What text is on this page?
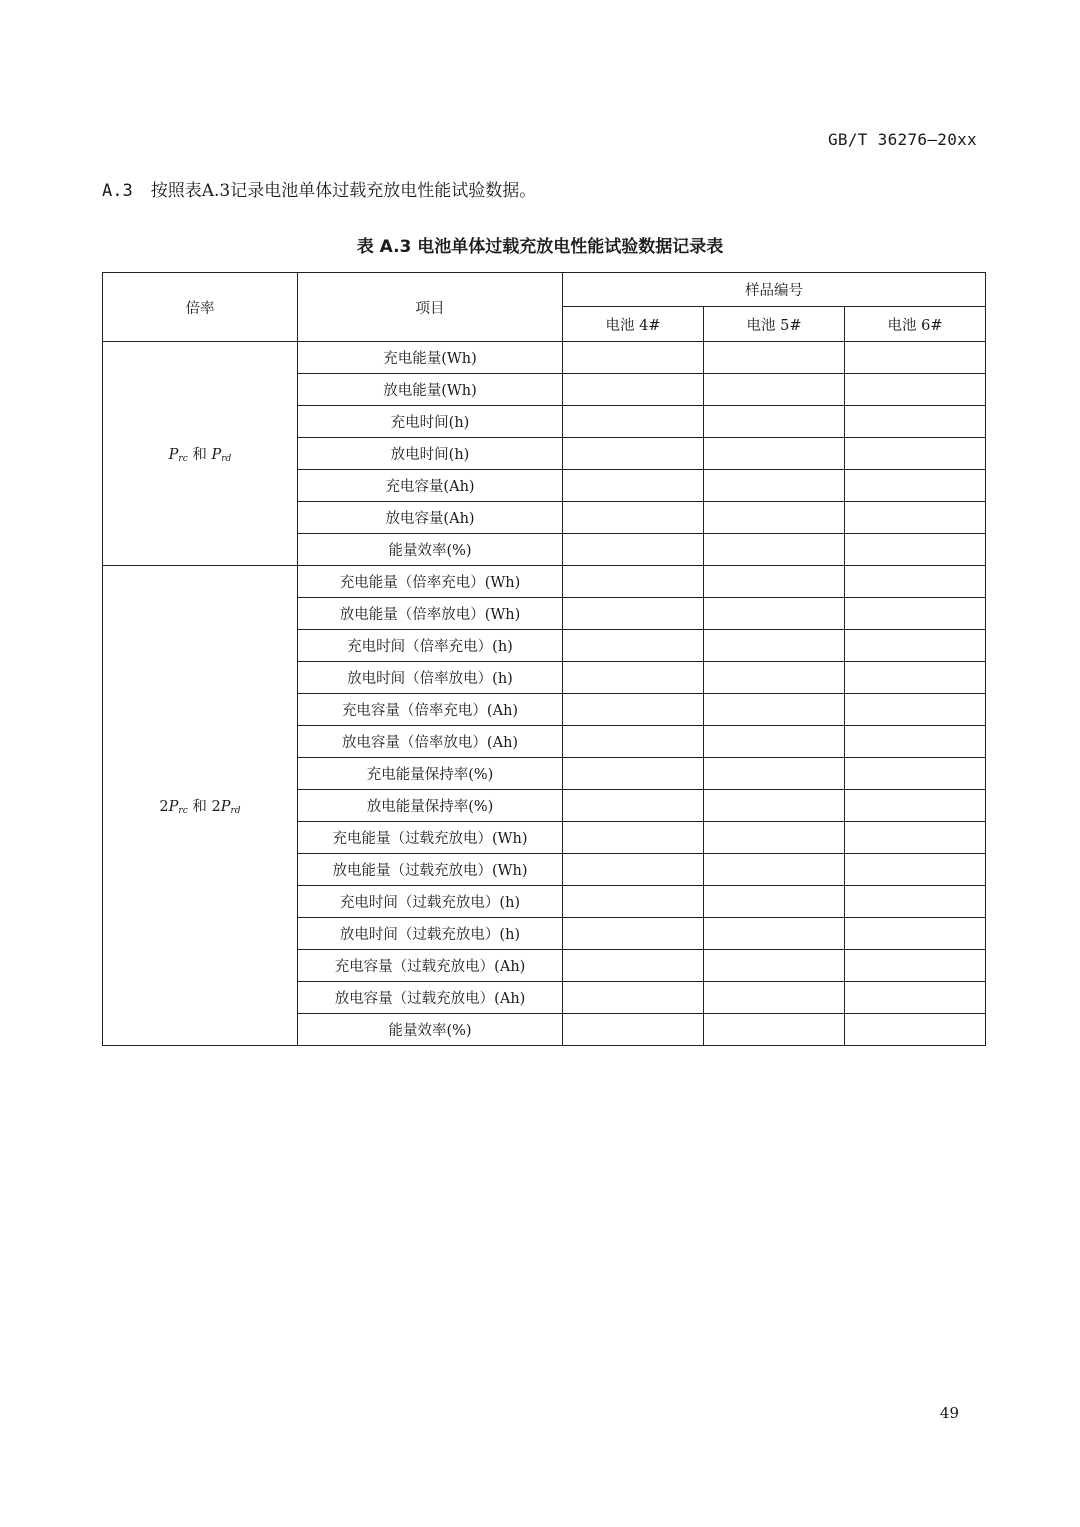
GB/T 36276—20xx
A.3 按照表A.3记录电池单体过载充放电性能试验数据。
表 A.3 电池单体过载充放电性能试验数据记录表
倍率	项目	样品编号		
		电池 4#	电池 5#	电池 6#
$P_{rc}$ 和 $P_{rd}$	充电能量(Wh)			
	放电能量(Wh)			
	充电时间(h)			
	放电时间(h)			
	充电容量(Ah)			
	放电容量(Ah)			
	能量效率(%)			
$2P_{rc}$ 和 $2P_{rd}$	充电能量（倍率充电）(Wh)			
	放电能量（倍率放电）(Wh)			
	充电时间（倍率充电）(h)			
	放电时间（倍率放电）(h)			
	充电容量（倍率充电）(Ah)			
	放电容量（倍率放电）(Ah)			
	充电能量保持率(%)			
	放电能量保持率(%)			
	充电能量（过载充放电）(Wh)			
	放电能量（过载充放电）(Wh)			
	充电时间（过载充放电）(h)			
	放电时间（过载充放电）(h)			
	充电容量（过载充放电）(Ah)			
	放电容量（过载充放电）(Ah)			
	能量效率(%)			
49
